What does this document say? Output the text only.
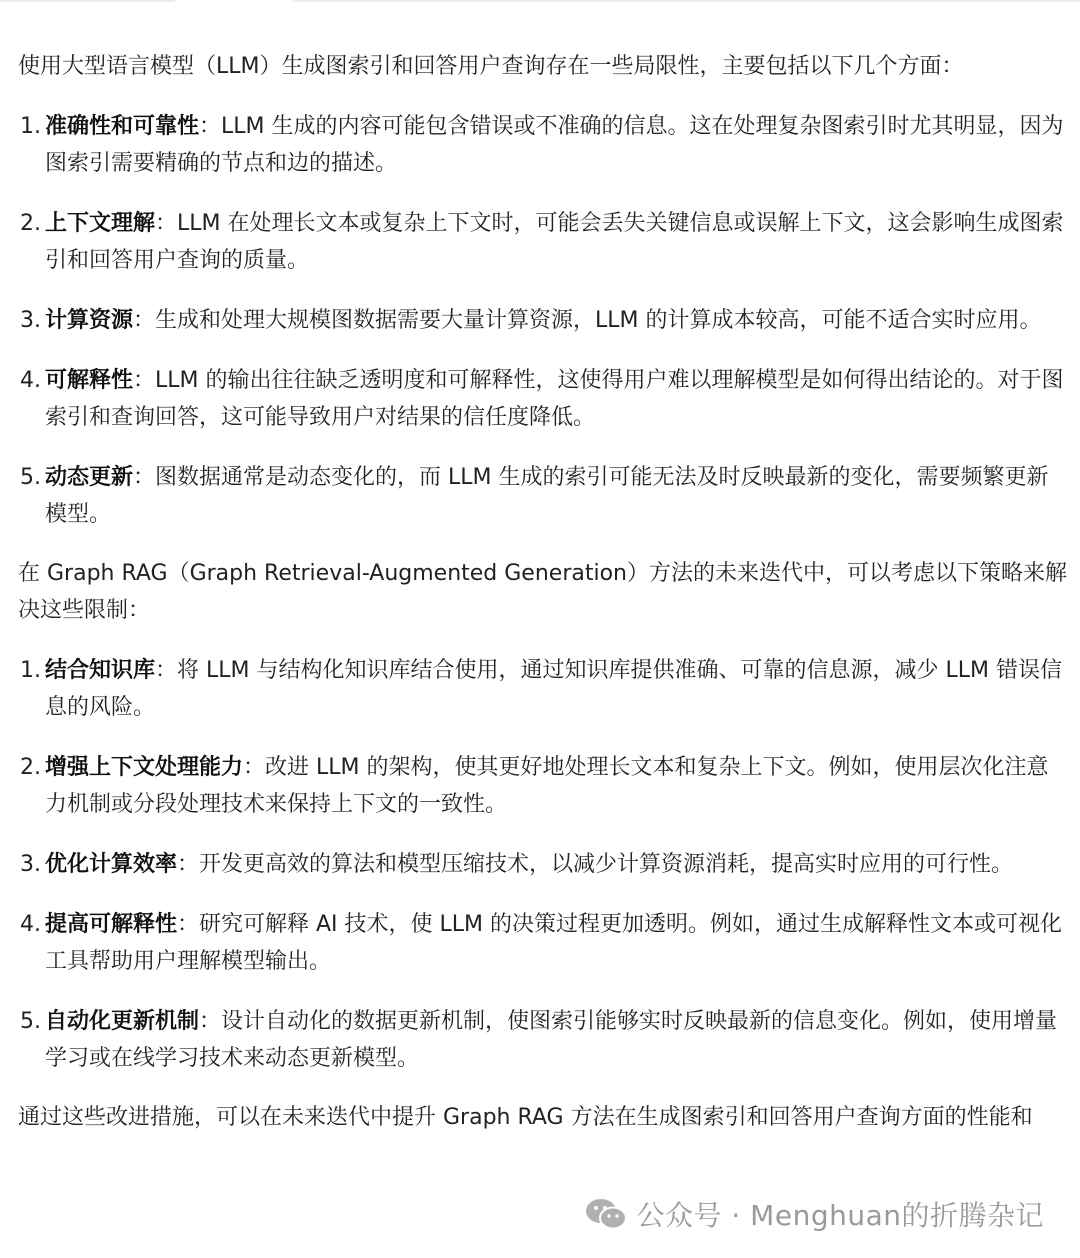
使用大型语言模型（LLM）生成图索引和回答用户查询存在一些局限性，主要包括以下几个方面：

1. 准确性和可靠性：LLM 生成的内容可能包含错误或不准确的信息。这在处理复杂图索引时尤其明显，因为图索引需要精确的节点和边的描述。
2. 上下文理解：LLM 在处理长文本或复杂上下文时，可能会丢失关键信息或误解上下文，这会影响生成图索引和回答用户查询的质量。
3. 计算资源：生成和处理大规模图数据需要大量计算资源，LLM 的计算成本较高，可能不适合实时应用。
4. 可解释性：LLM 的输出往往缺乏透明度和可解释性，这使得用户难以理解模型是如何得出结论的。对于图索引和查询回答，这可能导致用户对结果的信任度降低。
5. 动态更新：图数据通常是动态变化的，而 LLM 生成的索引可能无法及时反映最新的变化，需要频繁更新模型。

在 Graph RAG（Graph Retrieval-Augmented Generation）方法的未来迭代中，可以考虑以下策略来解决这些限制：

1. 结合知识库：将 LLM 与结构化知识库结合使用，通过知识库提供准确、可靠的信息源，减少 LLM 错误信息的风险。
2. 增强上下文处理能力：改进 LLM 的架构，使其更好地处理长文本和复杂上下文。例如，使用层次化注意力机制或分段处理技术来保持上下文的一致性。
3. 优化计算效率：开发更高效的算法和模型压缩技术，以减少计算资源消耗，提高实时应用的可行性。
4. 提高可解释性：研究可解释 AI 技术，使 LLM 的决策过程更加透明。例如，通过生成解释性文本或可视化工具帮助用户理解模型输出。
5. 自动化更新机制：设计自动化的数据更新机制，使图索引能够实时反映最新的信息变化。例如，使用增量学习或在线学习技术来动态更新模型。

通过这些改进措施，可以在未来迭代中提升 Graph RAG 方法在生成图索引和回答用户查询方面的性能和

公众号 · Menghuan的折腾杂记
